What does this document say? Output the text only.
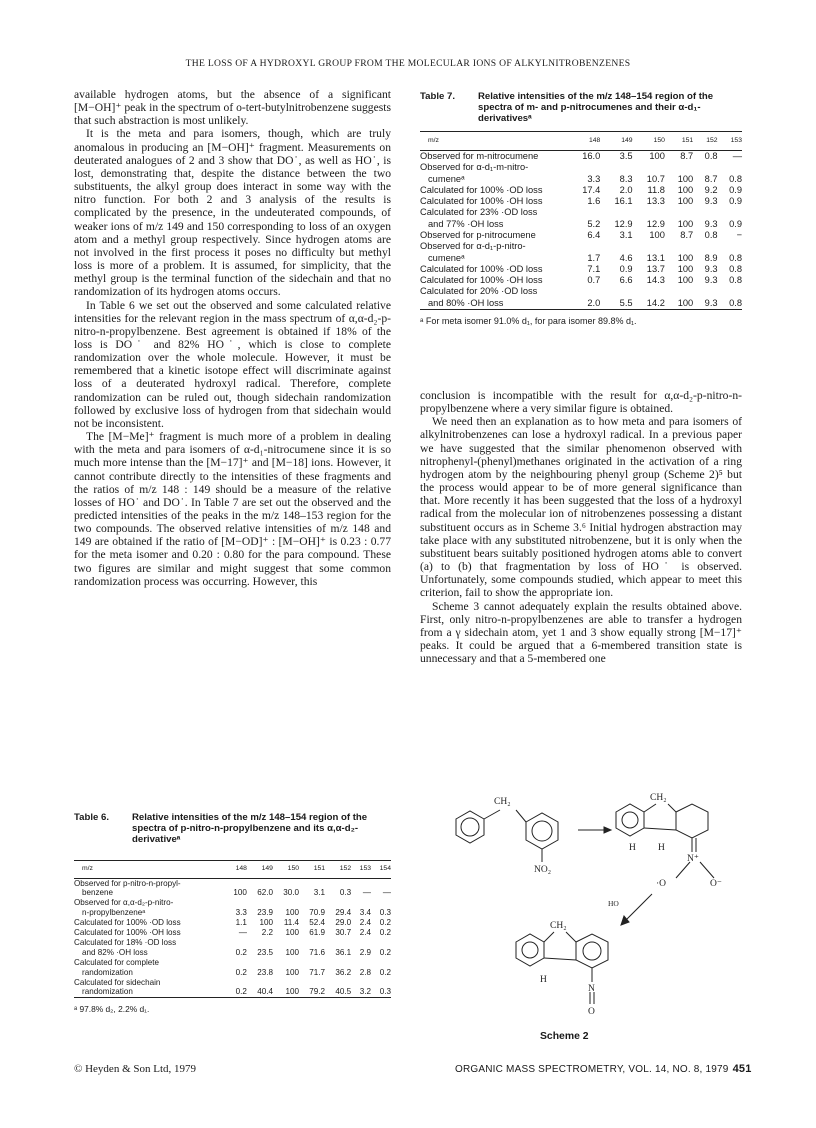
THE LOSS OF A HYDROXYL GROUP FROM THE MOLECULAR IONS OF ALKYLNITROBENZENES

available hydrogen atoms, but the absence of a significant [M−OH]⁺ peak in the spectrum of o-tert-butylnitrobenzene suggests that such abstraction is most unlikely.

It is the meta and para isomers, though, which are truly anomalous in producing an [M−OH]⁺ fragment. Measurements on deuterated analogues of 2 and 3 show that DO˙, as well as HO˙, is lost, demonstrating that, despite the distance between the two substituents, the alkyl group does interact in some way with the nitro function. For both 2 and 3 analysis of the results is complicated by the presence, in the undeuterated compounds, of weaker ions of m/z 149 and 150 corresponding to loss of an oxygen atom and a methyl group respectively. Since hydrogen atoms are not involved in the first process it poses no difficulty but methyl loss is more of a problem. It is assumed, for simplicity, that the methyl group is the terminal function of the sidechain and that no randomization of its hydrogen atoms occurs.

In Table 6 we set out the observed and some calculated relative intensities for the relevant region in the mass spectrum of α,α-d₂-p-nitro-n-propylbenzene. Best agreement is obtained if 18% of the loss is DO˙ and 82% HO˙, which is close to complete randomization over the whole molecule. However, it must be remembered that a kinetic isotope effect will discriminate against loss of a deuterated hydroxyl radical. Therefore, complete randomization can be ruled out, though sidechain randomization followed by exclusive loss of hydrogen from that sidechain would not be inconsistent.

The [M−Me]⁺ fragment is much more of a problem in dealing with the meta and para isomers of α-d₁-nitrocumene since it is so much more intense than the [M−17]⁺ and [M−18] ions. However, it cannot contribute directly to the intensities of these fragments and the ratios of m/z 148 : 149 should be a measure of the relative losses of HO˙ and DO˙. In Table 7 are set out the observed and the predicted intensities of the peaks in the m/z 148–153 region for the two compounds. The observed relative intensities of m/z 148 and 149 are obtained if the ratio of [M−OD]⁺ : [M−OH]⁺ is 0.23 : 0.77 for the meta isomer and 0.20 : 0.80 for the para compound. These two figures are similar and might suggest that some common randomization process was occurring. However, this

Table 6. Relative intensities of the m/z 148–154 region of the spectra of p-nitro-n-propylbenzene and its α,α-d₂-derivativeᵃ
m/z	148	149	150	151	152	153	154

Observed for p-nitro-n-propyl-
benzene	100	62.0	30.0	3.1	0.3	—	—

Observed for α,α-d₂-p-nitro-
n-propylbenzeneᵃ	3.3	23.9	100	70.9	29.4	3.4	0.3

Calculated for 100% ·OD loss	1.1	100	11.4	52.4	29.0	2.4	0.2

Calculated for 100% ·OH loss	—	2.2	100	61.9	30.7	2.4	0.2

Calculated for 18% ·OD loss
and 82% ·OH loss	0.2	23.5	100	71.6	36.1	2.9	0.2

Calculated for complete
randomization	0.2	23.8	100	71.7	36.2	2.8	0.2

Calculated for sidechain
randomization	0.2	40.4	100	79.2	40.5	3.2	0.3

ᵃ 97.8% d₂, 2.2% d₁.
Table 7. Relative intensities of the m/z 148–154 region of the spectra of m- and p-nitrocumenes and their α-d₁-derivativesᵃ
m/z	148	149	150	151	152	153

Observed for m-nitrocumene	16.0	3.5	100	8.7	0.8	—

Observed for α-d₁-m-nitro-
cumeneᵃ	3.3	8.3	10.7	100	8.7	0.8

Calculated for 100% ·OD loss	17.4	2.0	11.8	100	9.2	0.9

Calculated for 100% ·OH loss	1.6	16.1	13.3	100	9.3	0.9

Calculated for 23% ·OD loss
and 77% ·OH loss	5.2	12.9	12.9	100	9.3	0.9

Observed for p-nitrocumene	6.4	3.1	100	8.7	0.8	−

Observed for α-d₁-p-nitro-
cumeneᵃ	1.7	4.6	13.1	100	8.9	0.8

Calculated for 100% ·OD loss	7.1	0.9	13.7	100	9.3	0.8

Calculated for 100% ·OH loss	0.7	6.6	14.3	100	9.3	0.8

Calculated for 20% ·OD loss
and 80% ·OH loss	2.0	5.5	14.2	100	9.3	0.8

ᵃ For meta isomer 91.0% d₁, for para isomer 89.8% d₁.

conclusion is incompatible with the result for α,α-d₂-p-nitro-n-propylbenzene where a very similar figure is obtained.

We need then an explanation as to how meta and para isomers of alkylnitrobenzenes can lose a hydroxyl radical. In a previous paper we have suggested that the similar phenomenon observed with nitrophenyl-(phenyl)methanes originated in the activation of a ring hydrogen atom by the neighbouring phenyl group (Scheme 2)⁵ but the process would appear to be of more general significance than that. More recently it has been suggested that the loss of a hydroxyl radical from the molecular ion of nitrobenzenes possessing a distant substituent occurs as in Scheme 3.⁶ Initial hydrogen abstraction may take place with any substituted nitrobenzene, but it is only when the substituent bears suitably positioned hydrogen atoms able to convert (a) to (b) that fragmentation by loss of HO˙ is observed. Unfortunately, some compounds studied, which appear to meet this criterion, fail to show the appropriate ion.

Scheme 3 cannot adequately explain the results obtained above. First, only nitro-n-propylbenzenes are able to transfer a hydrogen from a γ sidechain atom, yet 1 and 3 show equally strong [M−17]⁺ peaks. It could be argued that a 6-membered transition state is unnecessary and that a 5-membered one

CH₂
NO₂
CH₂
H H
N⁺
·O	O⁻
HO
CH₂
H
N
O
Scheme 2
© Heyden & Son Ltd, 1979	ORGANIC MASS SPECTROMETRY, VOL. 14, NO. 8, 1979 451
